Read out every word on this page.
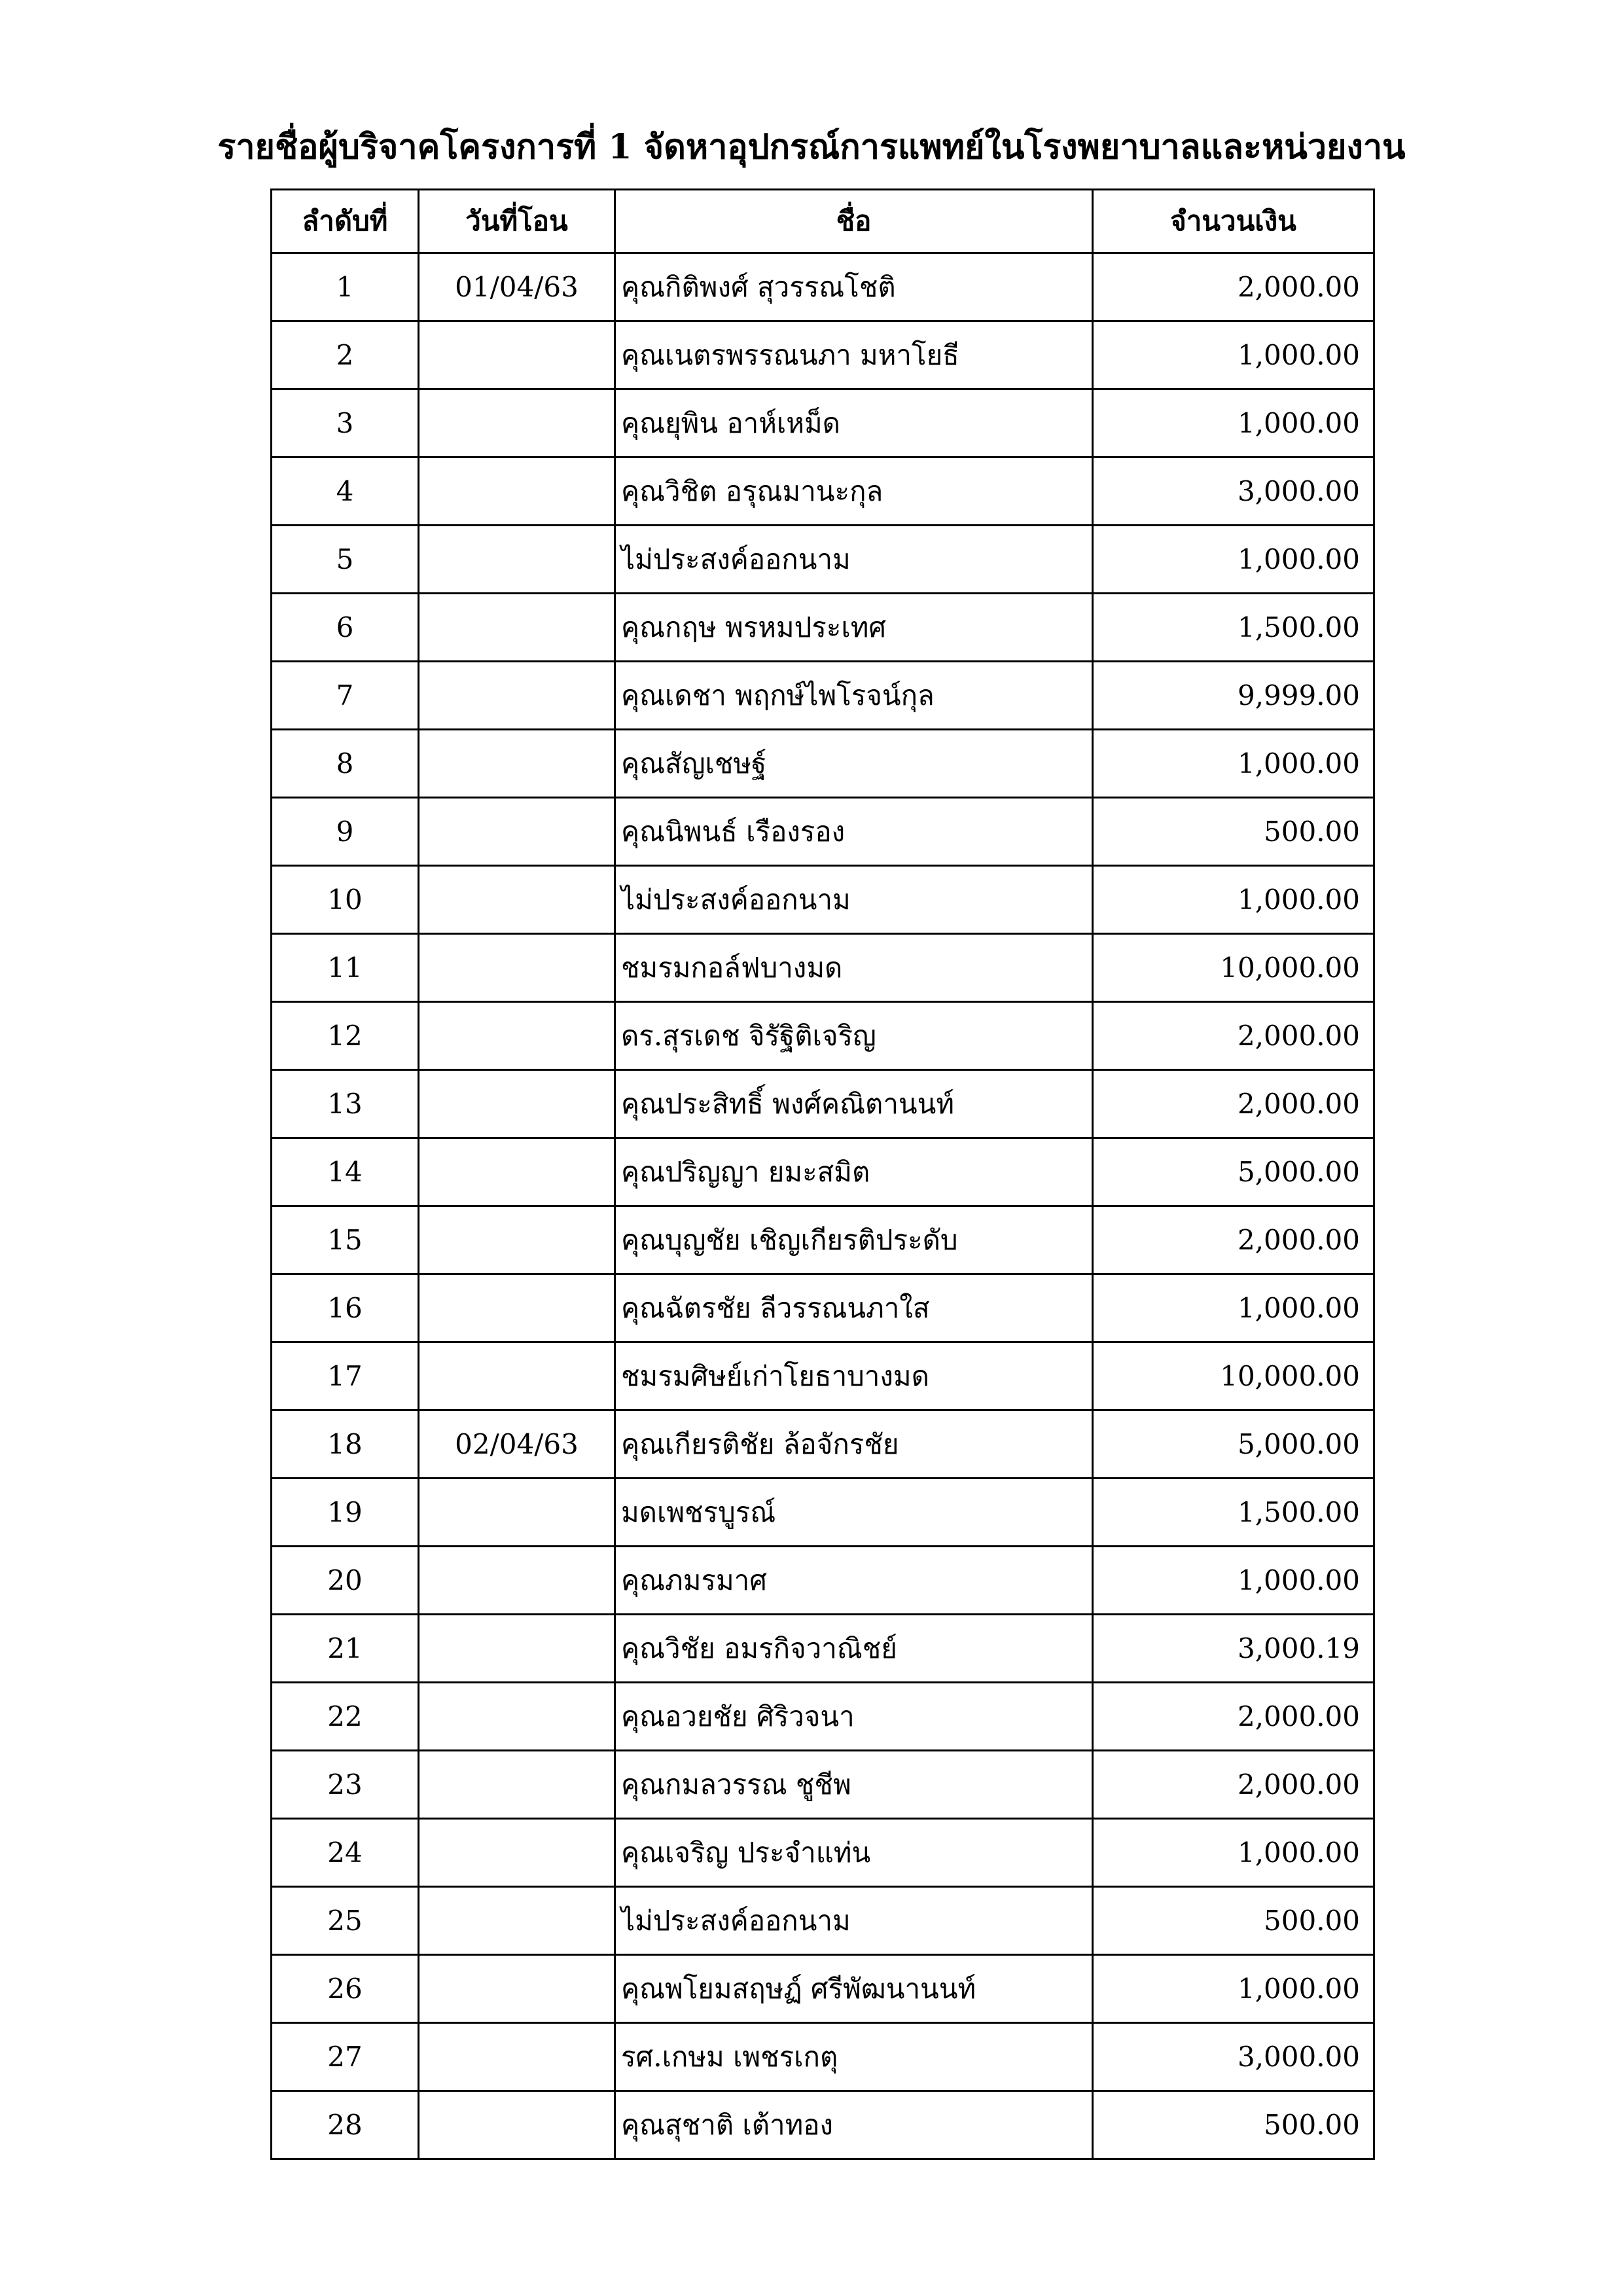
รายชื่อผู้บริจาคโครงการที่ 1 จัดหาอุปกรณ์การแพทย์ในโรงพยาบาลและหน่วยงาน
ลำดับที่	วันที่โอน	ชื่อ	จำนวนเงิน
1	01/04/63	คุณกิติพงศ์ สุวรรณโชติ	2,000.00
2		คุณเนตรพรรณนภา มหาโยธี	1,000.00
3		คุณยุพิน อาห์เหม็ด	1,000.00
4		คุณวิชิต อรุณมานะกุล	3,000.00
5		ไม่ประสงค์ออกนาม	1,000.00
6		คุณกฤษ พรหมประเทศ	1,500.00
7		คุณเดชา พฤกษ์ไพโรจน์กุล	9,999.00
8		คุณสัญเชษฐ์	1,000.00
9		คุณนิพนธ์ เรืองรอง	500.00
10		ไม่ประสงค์ออกนาม	1,000.00
11		ชมรมกอล์ฟบางมด	10,000.00
12		ดร.สุรเดช จิรัฐิติเจริญ	2,000.00
13		คุณประสิทธิ์ พงศ์คณิตานนท์	2,000.00
14		คุณปริญญา ยมะสมิต	5,000.00
15		คุณบุญชัย เชิญเกียรติประดับ	2,000.00
16		คุณฉัตรชัย ลีวรรณนภาใส	1,000.00
17		ชมรมศิษย์เก่าโยธาบางมด	10,000.00
18	02/04/63	คุณเกียรติชัย ล้อจักรชัย	5,000.00
19		มดเพชรบูรณ์	1,500.00
20		คุณภมรมาศ	1,000.00
21		คุณวิชัย อมรกิจวาณิชย์	3,000.19
22		คุณอวยชัย ศิริวจนา	2,000.00
23		คุณกมลวรรณ ชูชีพ	2,000.00
24		คุณเจริญ ประจำแท่น	1,000.00
25		ไม่ประสงค์ออกนาม	500.00
26		คุณพโยมสฤษฏ์ ศรีพัฒนานนท์	1,000.00
27		รศ.เกษม เพชรเกตุ	3,000.00
28		คุณสุชาติ เต้าทอง	500.00
